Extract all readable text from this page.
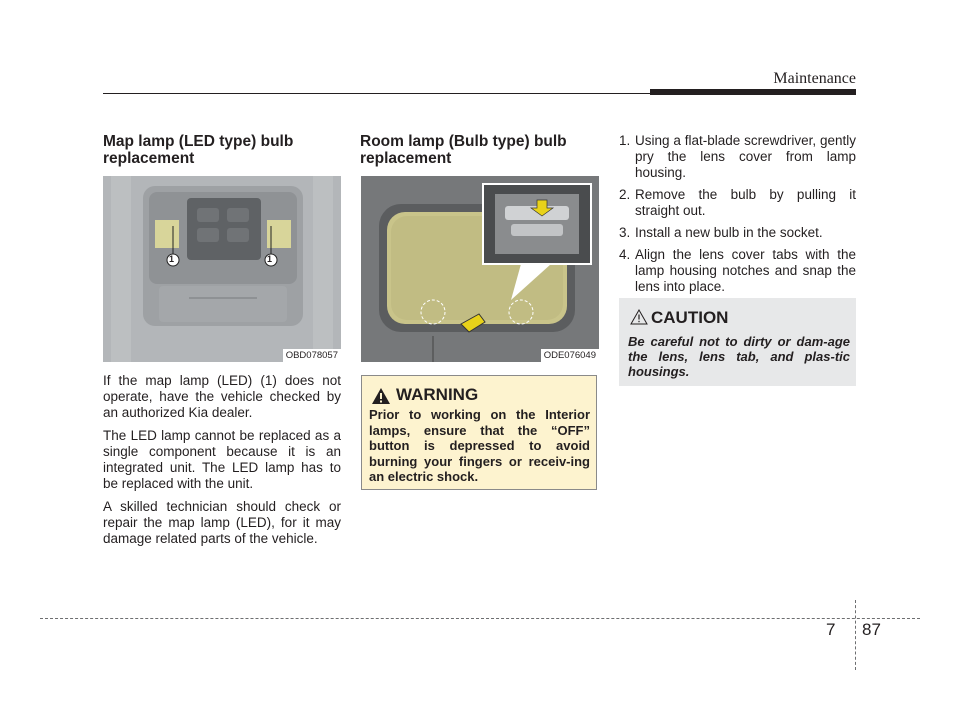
Maintenance
Map lamp (LED type) bulb replacement
1	1
OBD078057

If the map lamp (LED) (1) does not operate, have the vehicle checked by an authorized Kia dealer.

The LED lamp cannot be replaced as a single component because it is an integrated unit. The LED lamp has to be replaced with the unit.

A skilled technician should check or repair the map lamp (LED), for it may damage related parts of the vehicle.

Room lamp (Bulb type) bulb replacement
ODE076049
WARNING
Prior to working on the Interior lamps, ensure that the “OFF” button is depressed to avoid burning your fingers or receiv-ing an electric shock.
1. Using a flat-blade screwdriver, gently pry the lens cover from lamp housing.
2. Remove the bulb by pulling it straight out.
3. Install a new bulb in the socket.
4. Align the lens cover tabs with the lamp housing notches and snap the lens into place.
CAUTION
Be careful not to dirty or dam-age the lens, lens tab, and plas-tic housings.
7 87
